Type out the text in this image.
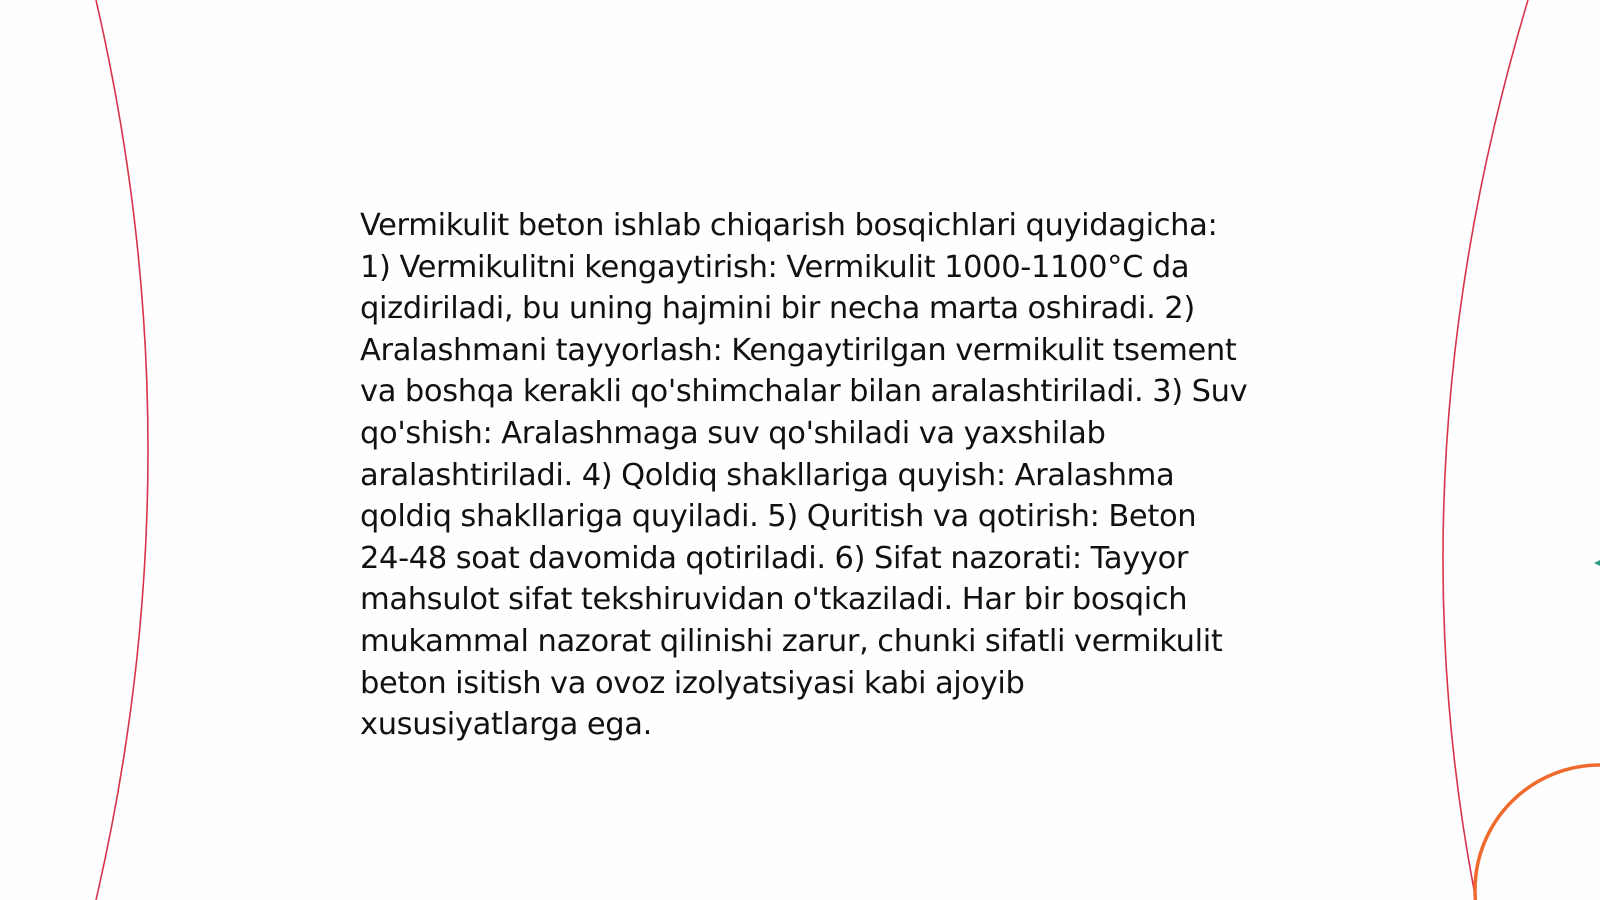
Vermikulit beton ishlab chiqarish bosqichlari quyidagicha: 1) Vermikulitni kengaytirish: Vermikulit 1000-1100°C da qizdiriladi, bu uning hajmini bir necha marta oshiradi. 2) Aralashmani tayyorlash: Kengaytirilgan vermikulit tsement va boshqa kerakli qo'shimchalar bilan aralashtiriladi. 3) Suv qo'shish: Aralashmaga suv qo'shiladi va yaxshilab aralashtiriladi. 4) Qoldiq shakllariga quyish: Aralashma qoldiq shakllariga quyiladi. 5) Quritish va qotirish: Beton 24-48 soat davomida qotiriladi. 6) Sifat nazorati: Tayyor mahsulot sifat tekshiruvidan o'tkaziladi. Har bir bosqich mukammal nazorat qilinishi zarur, chunki sifatli vermikulit beton isitish va ovoz izolyatsiyasi kabi ajoyib xususiyatlarga ega.
